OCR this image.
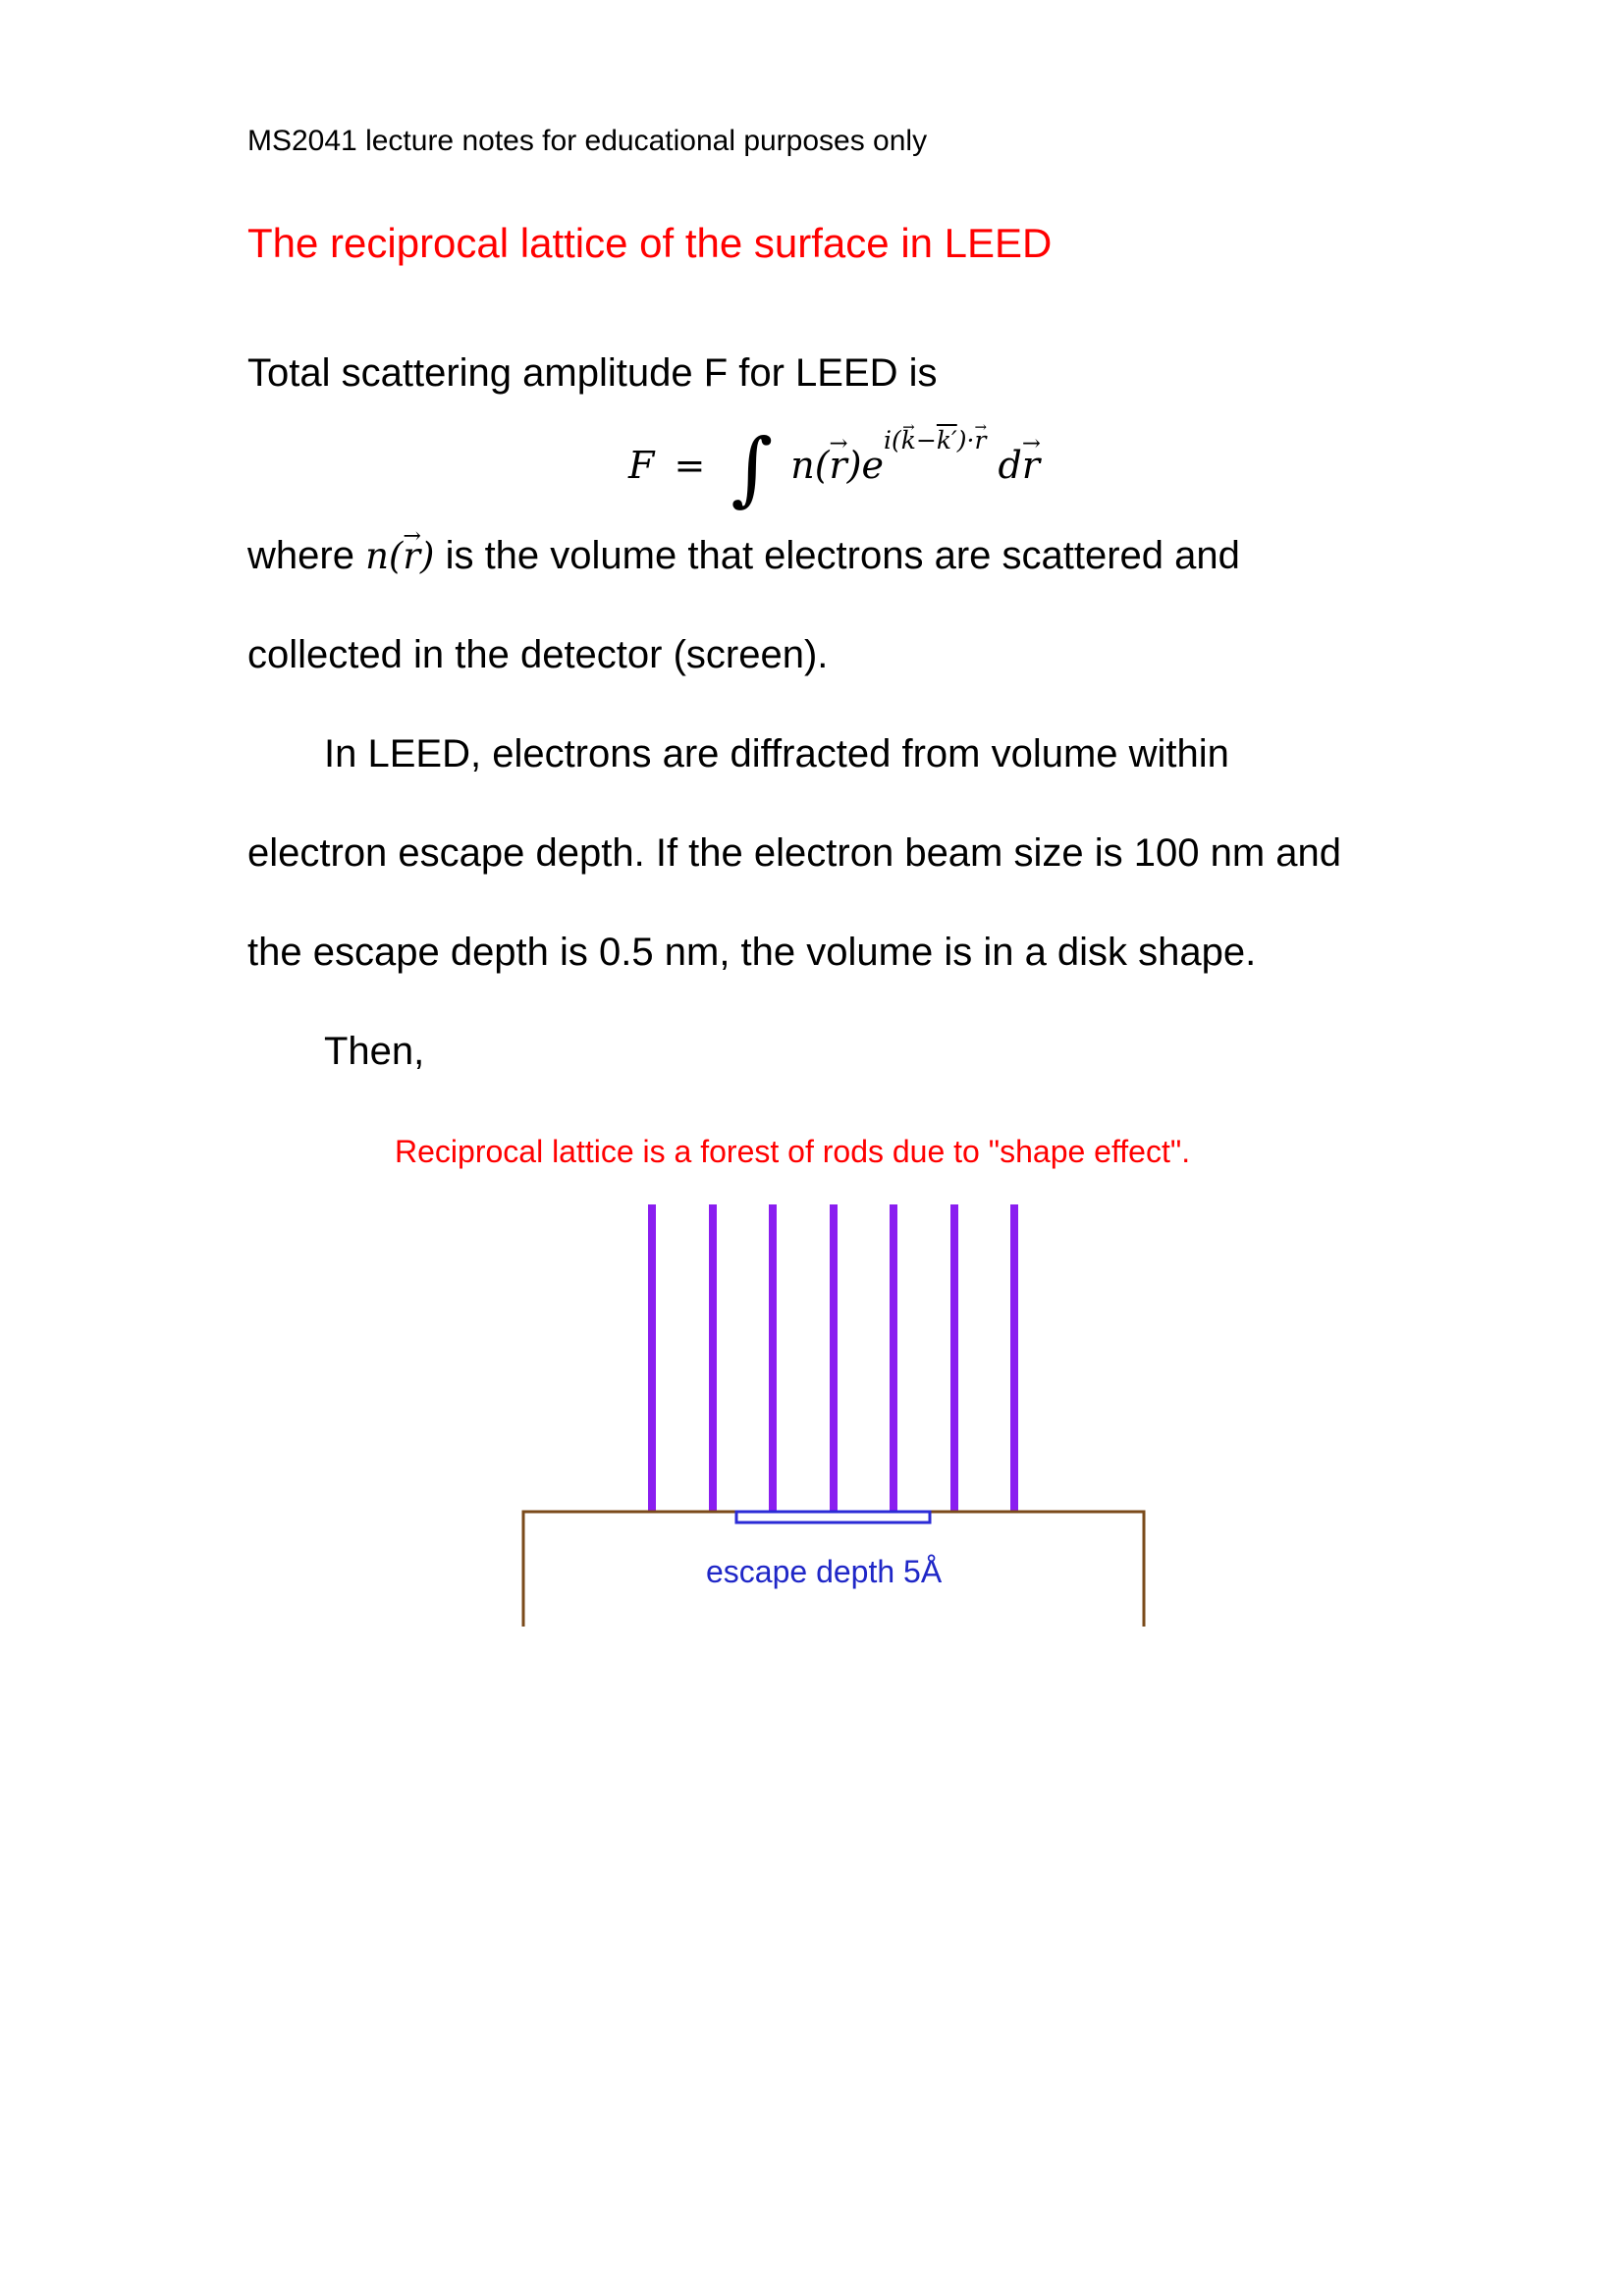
MS2041 lecture notes for educational purposes only
The reciprocal lattice of the surface in LEED
Total scattering amplitude F for LEED is
F = ∫ $n(\to r)e^{i(\to k-k')\cdot\to r}$ d→ r
where n(→ r) is the volume that electrons are scattered and
collected in the detector (screen).
In LEED, electrons are diffracted from volume within
electron escape depth. If the electron beam size is 100 nm and
the escape depth is 0.5 nm, the volume is in a disk shape.
Then,
Reciprocal lattice is a forest of rods due to "shape effect".
escape depth 5Å
